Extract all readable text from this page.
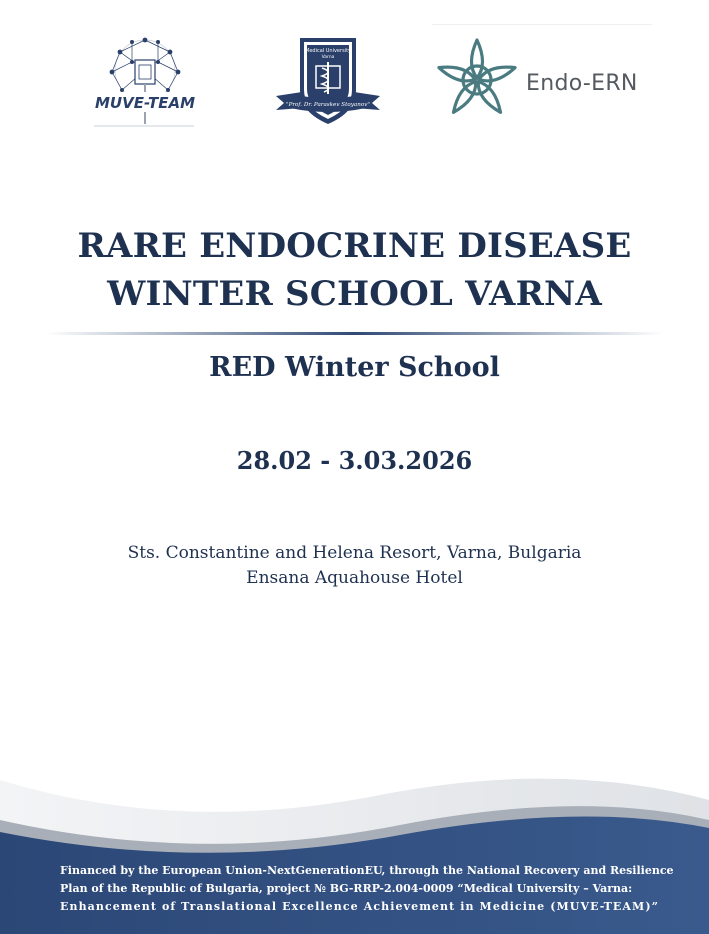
MUVE-TEAM
Medical University
Varna
"Prof. Dr. Paraskev Stoyanov"
Endo-ERN
RARE ENDOCRINE DISEASE
WINTER SCHOOL VARNA
RED Winter School
28.02 - 3.03.2026
Sts. Constantine and Helena Resort, Varna, Bulgaria
Ensana Aquahouse Hotel
Financed by the European Union-NextGenerationEU, through the National Recovery and Resilience
Plan of the Republic of Bulgaria, project № BG-RRP-2.004-0009 “Medical University – Varna:
Enhancement of Translational Excellence Achievement in Medicine (MUVE-TEAM)”
